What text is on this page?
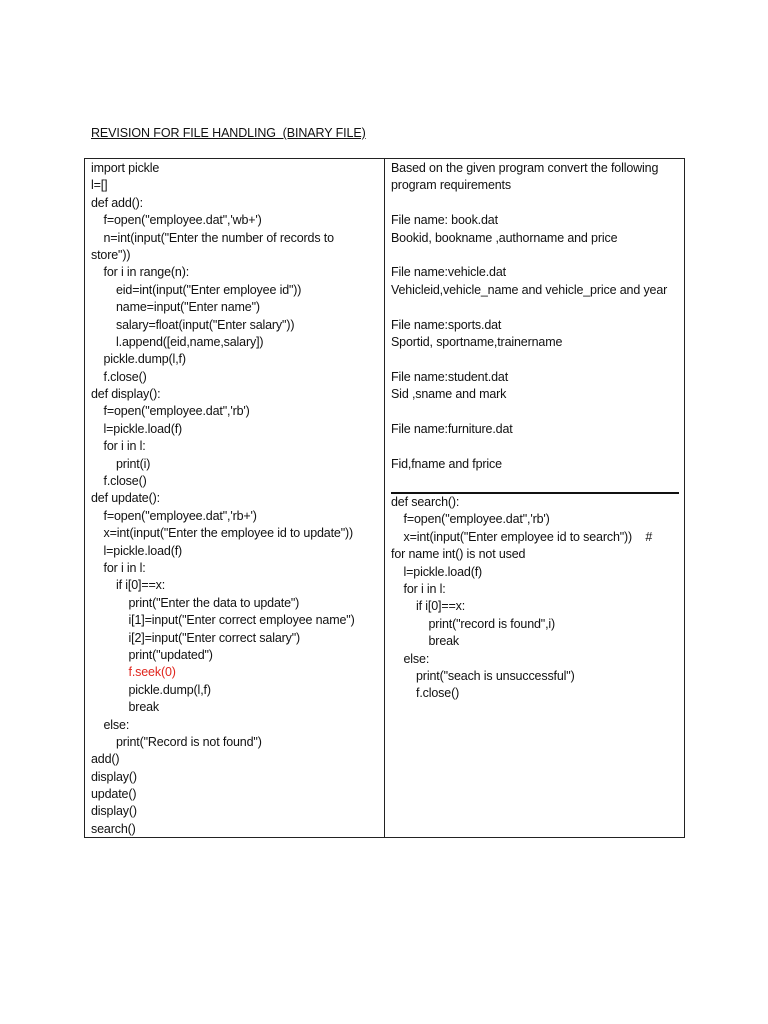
REVISION FOR FILE HANDLING  (BINARY FILE)
import pickle
l=[]
def add():
f=open("employee.dat",'wb+')
n=int(input("Enter the number of records to
store"))
for i in range(n):
eid=int(input("Enter employee id"))
name=input("Enter name")
salary=float(input("Enter salary"))
l.append([eid,name,salary])
pickle.dump(l,f)
f.close()
def display():
f=open("employee.dat",'rb')
l=pickle.load(f)
for i in l:
print(i)
f.close()
def update():
f=open("employee.dat",'rb+')
x=int(input("Enter the employee id to update"))
l=pickle.load(f)
for i in l:
if i[0]==x:
print("Enter the data to update")
i[1]=input("Enter correct employee name")
i[2]=input("Enter correct salary")
print("updated")
f.seek(0)
pickle.dump(l,f)
break
else:
print("Record is not found")
add()
display()
update()
display()
search()
Based on the given program convert the following
program requirements
File name: book.dat
Bookid, bookname ,authorname and price
File name:vehicle.dat
Vehicleid,vehicle_name and vehicle_price and year
File name:sports.dat
Sportid, sportname,trainername
File name:student.dat
Sid ,sname and mark
File name:furniture.dat
Fid,fname and fprice
def search():
f=open("employee.dat",'rb')
x=int(input("Enter employee id to search"))    #
for name int() is not used
l=pickle.load(f)
for i in l:
if i[0]==x:
print("record is found",i)
break
else:
print("seach is unsuccessful")
f.close()
